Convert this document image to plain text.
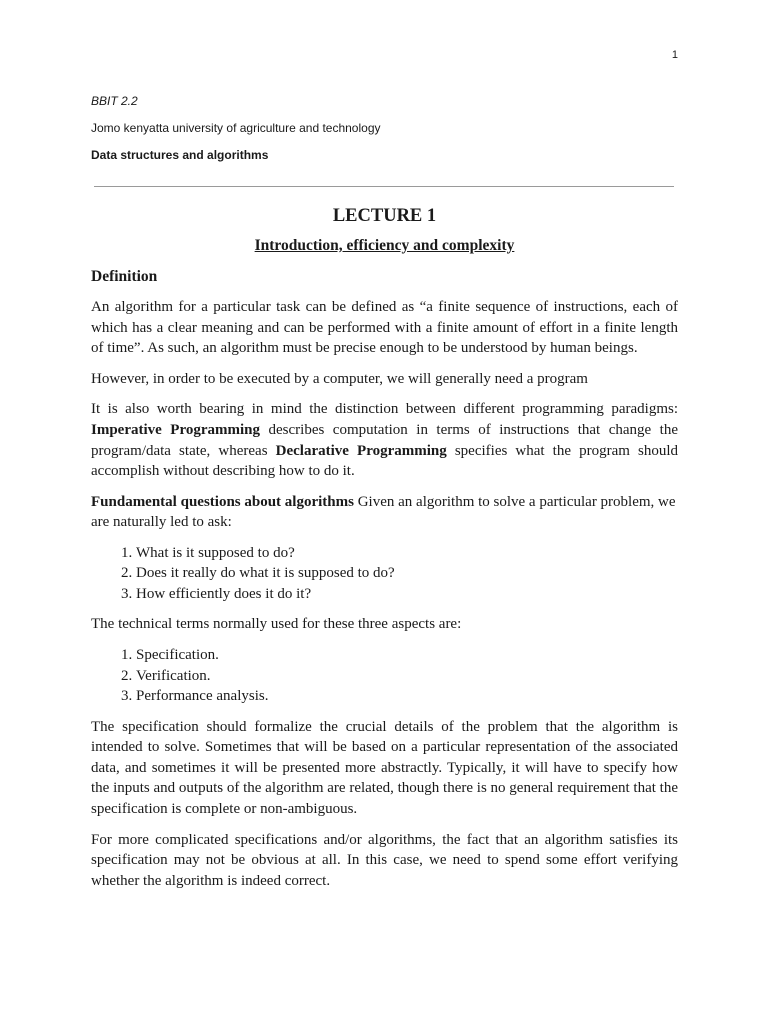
1
BBIT 2.2
Jomo kenyatta university of agriculture and technology
Data structures and algorithms
LECTURE 1
Introduction, efficiency and complexity
Definition

An algorithm for a particular task can be defined as “a finite sequence of instructions, each of which has a clear meaning and can be performed with a finite amount of effort in a finite length of time”. As such, an algorithm must be precise enough to be understood by human beings.

However, in order to be executed by a computer, we will generally need a program

It is also worth bearing in mind the distinction between different programming paradigms: Imperative Programming describes computation in terms of instructions that change the program/data state, whereas Declarative Programming specifies what the program should accomplish without describing how to do it.

Fundamental questions about algorithms Given an algorithm to solve a particular problem, we are naturally led to ask:

1. What is it supposed to do?
2. Does it really do what it is supposed to do?
3. How efficiently does it do it?

The technical terms normally used for these three aspects are:

1. Specification.
2. Verification.
3. Performance analysis.

The specification should formalize the crucial details of the problem that the algorithm is intended to solve. Sometimes that will be based on a particular representation of the associated data, and sometimes it will be presented more abstractly. Typically, it will have to specify how the inputs and outputs of the algorithm are related, though there is no general requirement that the specification is complete or non-ambiguous.

For more complicated specifications and/or algorithms, the fact that an algorithm satisfies its specification may not be obvious at all. In this case, we need to spend some effort verifying whether the algorithm is indeed correct.
